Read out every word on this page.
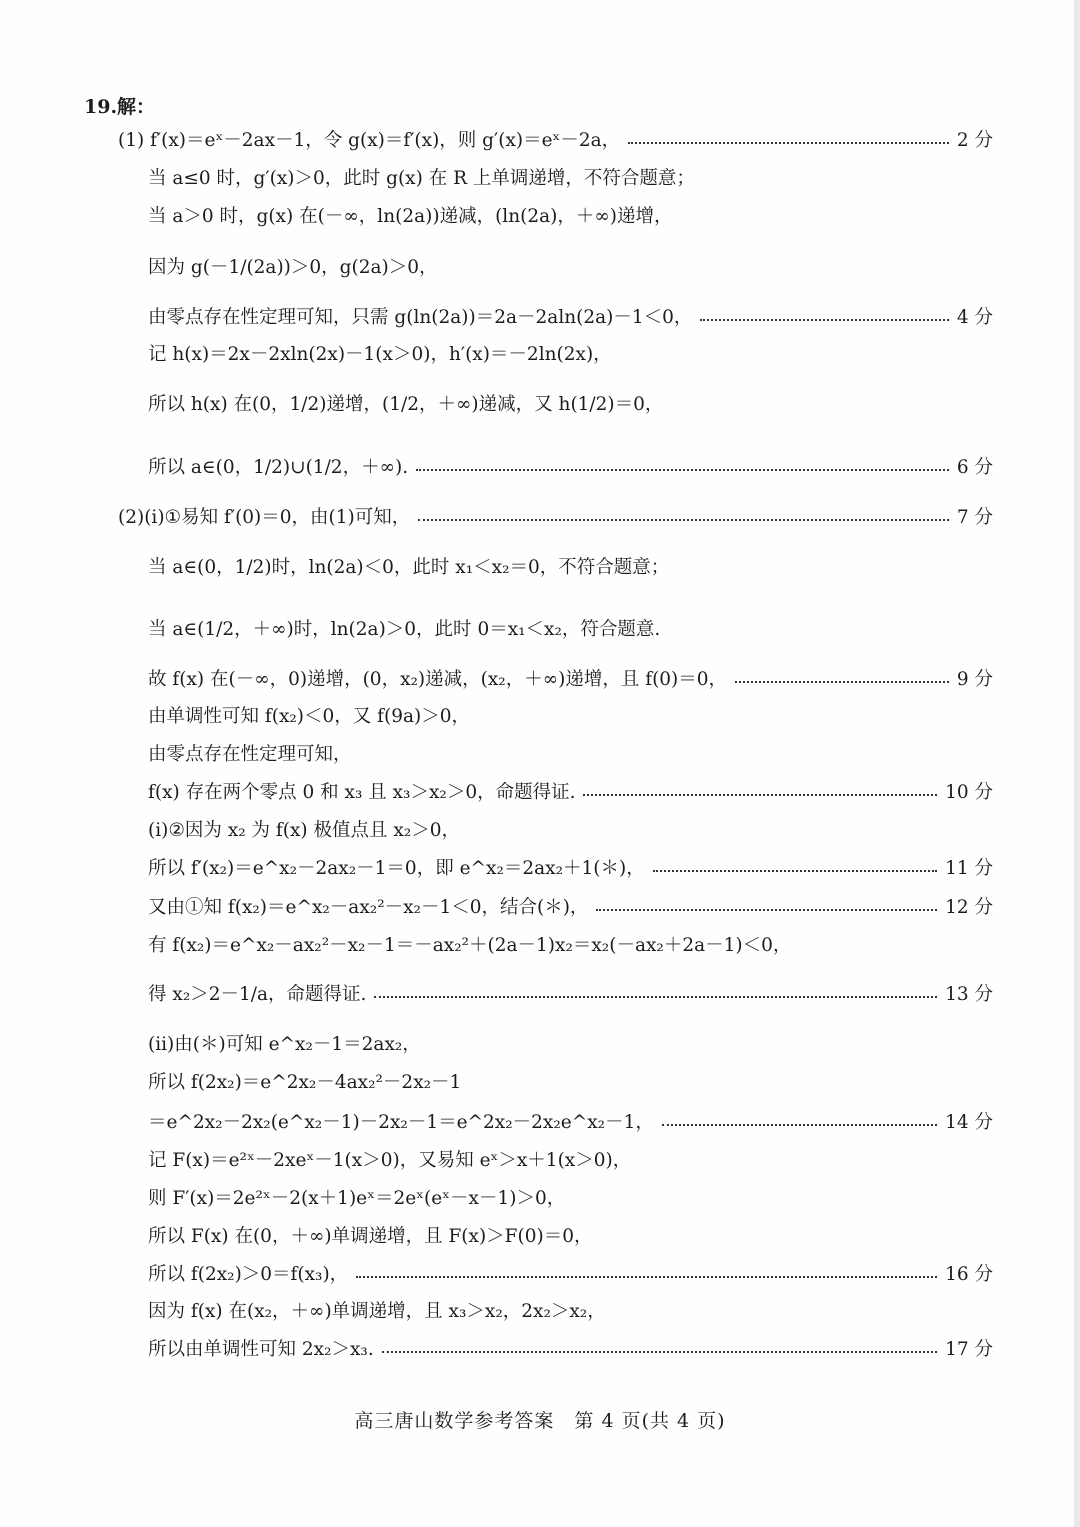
19.解：
(1) f′(x)＝eˣ－2ax－1，令 g(x)＝f′(x)，则 g′(x)＝eˣ－2a，	2 分
当 a≤0 时，g′(x)＞0，此时 g(x) 在 R 上单调递增，不符合题意；
当 a＞0 时，g(x) 在(－∞，ln(2a))递减，(ln(2a)，＋∞)递增，
因为 g(－1/(2a))＞0，g(2a)＞0，
由零点存在性定理可知，只需 g(ln(2a))＝2a－2aln(2a)－1＜0，	4 分
记 h(x)＝2x－2xln(2x)－1(x＞0)，h′(x)＝－2ln(2x)，
所以 h(x) 在(0，1/2)递增，(1/2，＋∞)递减，又 h(1/2)＝0，
所以 a∈(0，1/2)∪(1/2，＋∞).	6 分
(2)(i)①易知 f′(0)＝0，由(1)可知，	7 分
当 a∈(0，1/2)时，ln(2a)＜0，此时 x₁＜x₂＝0，不符合题意；
当 a∈(1/2，＋∞)时，ln(2a)＞0，此时 0＝x₁＜x₂，符合题意.
故 f(x) 在(－∞，0)递增，(0，x₂)递减，(x₂，＋∞)递增，且 f(0)＝0，	9 分
由单调性可知 f(x₂)＜0，又 f(9a)＞0，
由零点存在性定理可知，
f(x) 存在两个零点 0 和 x₃ 且 x₃＞x₂＞0，命题得证.	10 分
(i)②因为 x₂ 为 f(x) 极值点且 x₂＞0，
所以 f′(x₂)＝e^x₂－2ax₂－1＝0，即 e^x₂＝2ax₂＋1(＊)，	11 分
又由①知 f(x₂)＝e^x₂－ax₂²－x₂－1＜0，结合(＊)，	12 分
有 f(x₂)＝e^x₂－ax₂²－x₂－1＝－ax₂²＋(2a－1)x₂＝x₂(－ax₂＋2a－1)＜0，
得 x₂＞2－1/a，命题得证.	13 分
(ii)由(＊)可知 e^x₂－1＝2ax₂，
所以 f(2x₂)＝e^2x₂－4ax₂²－2x₂－1
＝e^2x₂－2x₂(e^x₂－1)－2x₂－1＝e^2x₂－2x₂e^x₂－1，	14 分
记 F(x)＝e²ˣ－2xeˣ－1(x＞0)，又易知 eˣ＞x＋1(x＞0)，
则 F′(x)＝2e²ˣ－2(x＋1)eˣ＝2eˣ(eˣ－x－1)＞0，
所以 F(x) 在(0，＋∞)单调递增，且 F(x)＞F(0)＝0，
所以 f(2x₂)＞0＝f(x₃)，	16 分
因为 f(x) 在(x₂，＋∞)单调递增，且 x₃＞x₂，2x₂＞x₂，
所以由单调性可知 2x₂＞x₃.	17 分
高三唐山数学参考答案　第 4 页(共 4 页)
